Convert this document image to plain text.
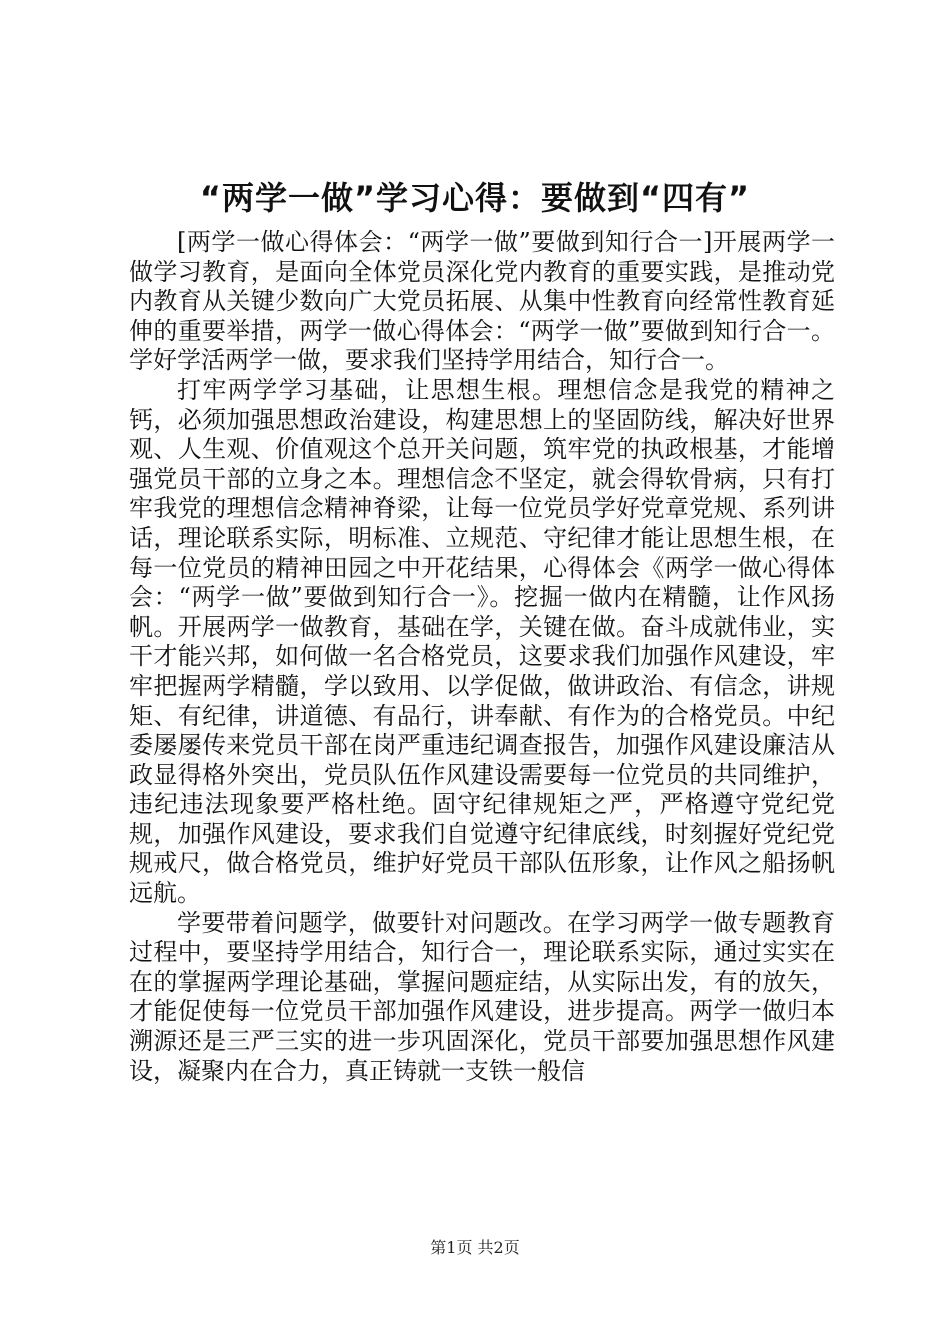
“两学一做”学习心得：要做到“四有”

[两学一做心得体会：“两学一做”要做到知行合一]开展两学一做学习教育，是面向全体党员深化党内教育的重要实践，是推动党内教育从关键少数向广大党员拓展、从集中性教育向经常性教育延伸的重要举措，两学一做心得体会：“两学一做”要做到知行合一。学好学活两学一做，要求我们坚持学用结合，知行合一。

打牢两学学习基础，让思想生根。理想信念是我党的精神之钙，必须加强思想政治建设，构建思想上的坚固防线，解决好世界观、人生观、价值观这个总开关问题，筑牢党的执政根基，才能增强党员干部的立身之本。理想信念不坚定，就会得软骨病，只有打牢我党的理想信念精神脊梁，让每一位党员学好党章党规、系列讲话，理论联系实际，明标准、立规范、守纪律才能让思想生根，在每一位党员的精神田园之中开花结果，心得体会《两学一做心得体会：“两学一做”要做到知行合一》。挖掘一做内在精髓，让作风扬帆。开展两学一做教育，基础在学，关键在做。奋斗成就伟业，实干才能兴邦，如何做一名合格党员，这要求我们加强作风建设，牢牢把握两学精髓，学以致用、以学促做，做讲政治、有信念，讲规矩、有纪律，讲道德、有品行，讲奉献、有作为的合格党员。中纪委屡屡传来党员干部在岗严重违纪调查报告，加强作风建设廉洁从政显得格外突出，党员队伍作风建设需要每一位党员的共同维护，违纪违法现象要严格杜绝。固守纪律规矩之严，严格遵守党纪党规，加强作风建设，要求我们自觉遵守纪律底线，时刻握好党纪党规戒尺，做合格党员，维护好党员干部队伍形象，让作风之船扬帆远航。

学要带着问题学，做要针对问题改。在学习两学一做专题教育过程中，要坚持学用结合，知行合一，理论联系实际，通过实实在在的掌握两学理论基础，掌握问题症结，从实际出发，有的放矢，才能促使每一位党员干部加强作风建设，进步提高。两学一做归本溯源还是三严三实的进一步巩固深化，党员干部要加强思想作风建设，凝聚内在合力，真正铸就一支铁一般信

第1页 共2页
